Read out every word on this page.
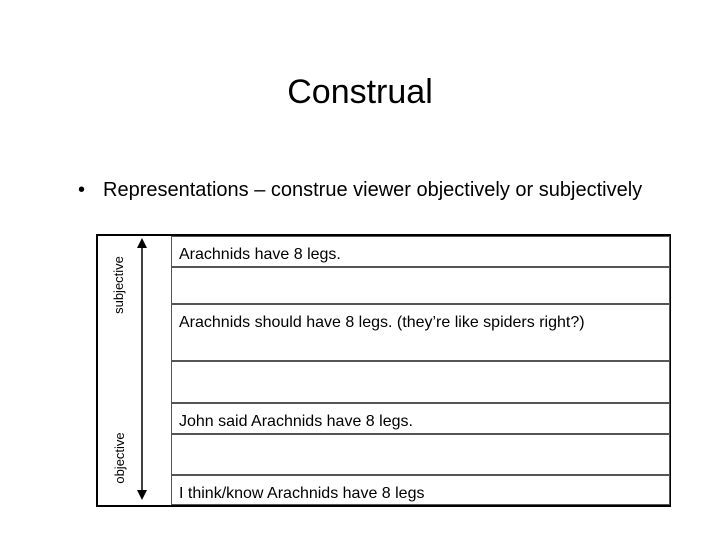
Construal
• Representations – construe viewer objectively or subjectively
subjective
objective
Arachnids have 8 legs.
Arachnids should have 8 legs. (they’re like spiders right?)
John said Arachnids have 8 legs.
I think/know Arachnids have 8 legs
